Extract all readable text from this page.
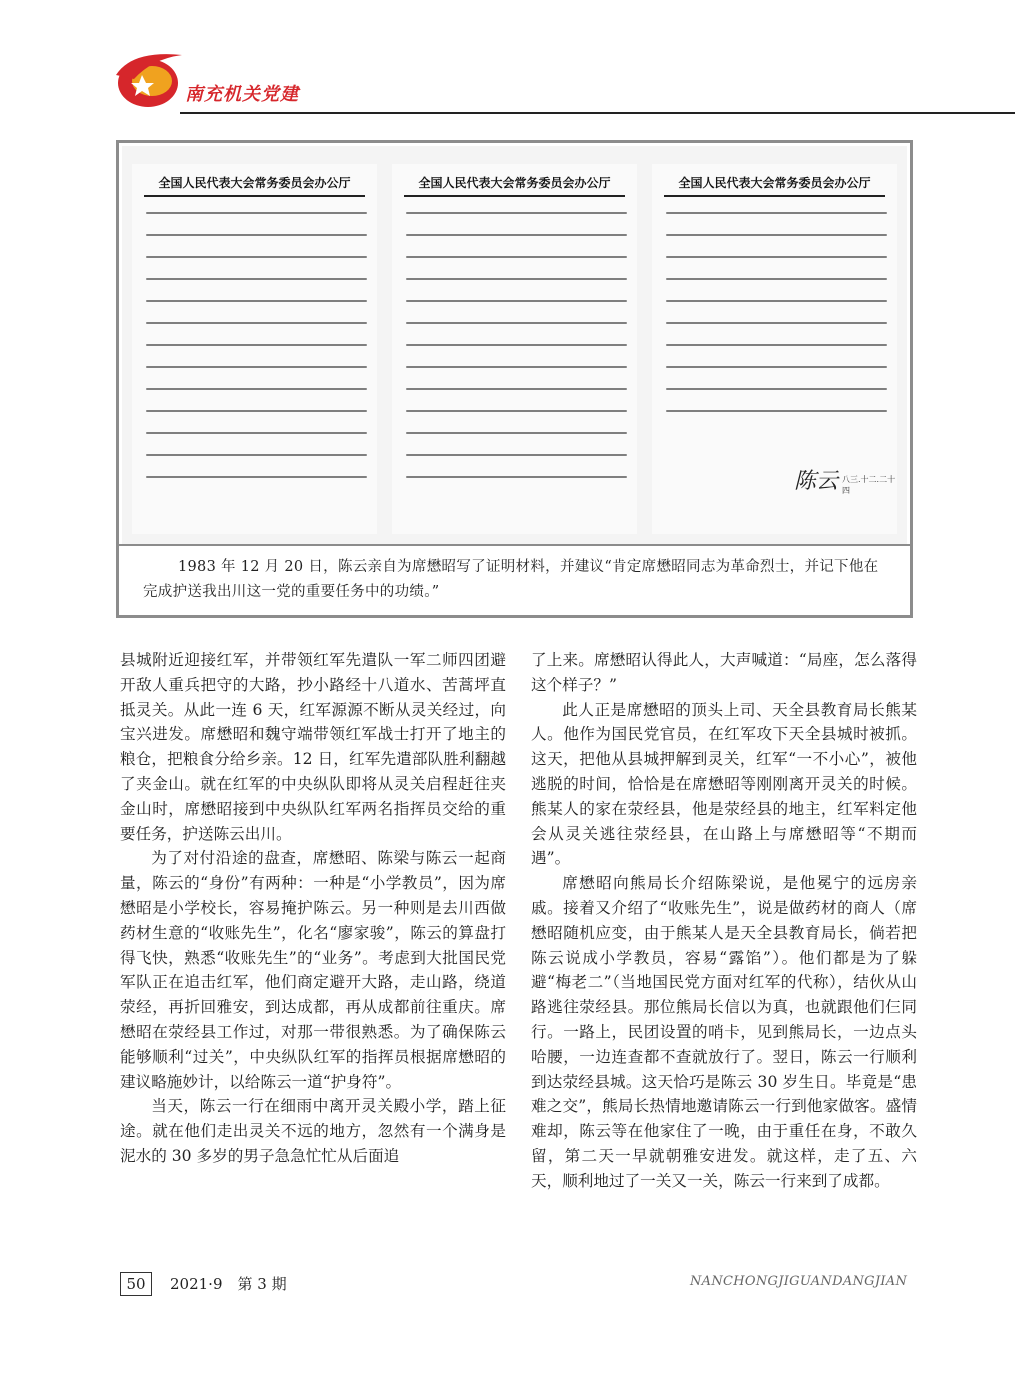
南充机关党建
全国人民代表大会常务委员会办公厅	全国人民代表大会常务委员会办公厅	全国人民代表大会常务委员会办公厅
陈云 八三.十二.二十四
1983 年 12 月 20 日，陈云亲自为席懋昭写了证明材料，并建议“肯定席懋昭同志为革命烈士，并记下他在完成护送我出川这一党的重要任务中的功绩。”

县城附近迎接红军，并带领红军先遣队一军二师四团避开敌人重兵把守的大路，抄小路经十八道水、苦蒿坪直抵灵关。从此一连 6 天，红军源源不断从灵关经过，向宝兴进发。席懋昭和魏守端带领红军战士打开了地主的粮仓，把粮食分给乡亲。12 日，红军先遣部队胜利翻越了夹金山。就在红军的中央纵队即将从灵关启程赶往夹金山时，席懋昭接到中央纵队红军两名指挥员交给的重要任务，护送陈云出川。

为了对付沿途的盘查，席懋昭、陈梁与陈云一起商量，陈云的“身份”有两种：一种是“小学教员”，因为席懋昭是小学校长，容易掩护陈云。另一种则是去川西做药材生意的“收账先生”，化名“廖家骏”，陈云的算盘打得飞快，熟悉“收账先生”的“业务”。考虑到大批国民党军队正在追击红军，他们商定避开大路，走山路，绕道荥经，再折回雅安，到达成都，再从成都前往重庆。席懋昭在荥经县工作过，对那一带很熟悉。为了确保陈云能够顺利“过关”，中央纵队红军的指挥员根据席懋昭的建议略施妙计，以给陈云一道“护身符”。

当天，陈云一行在细雨中离开灵关殿小学，踏上征途。就在他们走出灵关不远的地方，忽然有一个满身是泥水的 30 多岁的男子急急忙忙从后面追

了上来。席懋昭认得此人，大声喊道：“局座，怎么落得这个样子？”

此人正是席懋昭的顶头上司、天全县教育局长熊某人。他作为国民党官员，在红军攻下天全县城时被抓。这天，把他从县城押解到灵关，红军“一不小心”，被他逃脱的时间，恰恰是在席懋昭等刚刚离开灵关的时候。熊某人的家在荥经县，他是荥经县的地主，红军料定他会从灵关逃往荥经县，在山路上与席懋昭等“不期而遇”。

席懋昭向熊局长介绍陈梁说，是他冕宁的远房亲戚。接着又介绍了“收账先生”，说是做药材的商人（席懋昭随机应变，由于熊某人是天全县教育局长，倘若把陈云说成小学教员，容易“露馅”）。他们都是为了躲避“梅老二”（当地国民党方面对红军的代称），结伙从山路逃往荥经县。那位熊局长信以为真，也就跟他们仨同行。一路上，民团设置的哨卡，见到熊局长，一边点头哈腰，一边连查都不查就放行了。翌日，陈云一行顺利到达荥经县城。这天恰巧是陈云 30 岁生日。毕竟是“患难之交”，熊局长热情地邀请陈云一行到他家做客。盛情难却，陈云等在他家住了一晚，由于重任在身，不敢久留，第二天一早就朝雅安进发。就这样，走了五、六天，顺利地过了一关又一关，陈云一行来到了成都。

50	2021·9　第 3 期	NANCHONGJIGUANDANGJIAN
